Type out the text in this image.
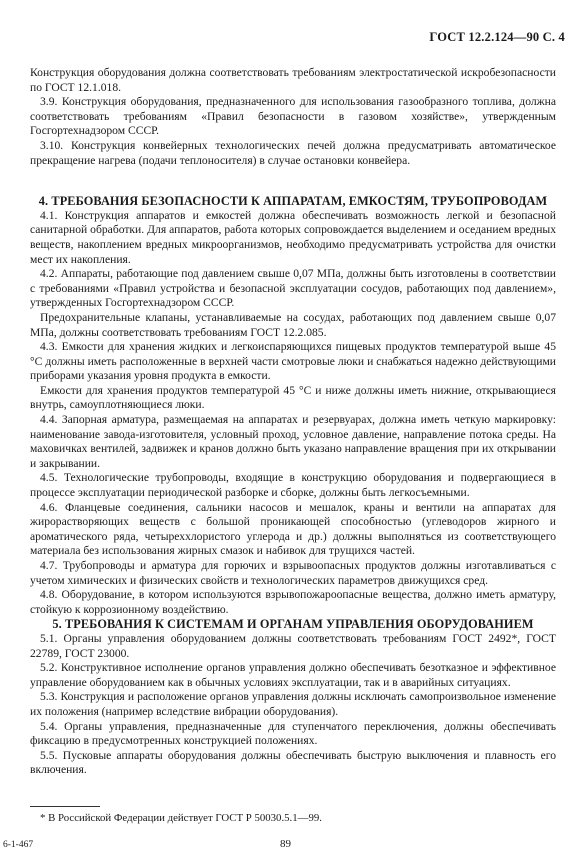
ГОСТ 12.2.124—90 С. 4

Конструкция оборудования должна соответствовать требованиям электростатической искробезопасности по ГОСТ 12.1.018.

3.9. Конструкция оборудования, предназначенного для использования газообразного топлива, должна соответствовать требованиям «Правил безопасности в газовом хозяйстве», утвержденным Госгортехнадзором СССР.

3.10. Конструкция конвейерных технологических печей должна предусматривать автоматическое прекращение нагрева (подачи теплоносителя) в случае остановки конвейера.

4. ТРЕБОВАНИЯ БЕЗОПАСНОСТИ К АППАРАТАМ, ЕМКОСТЯМ, ТРУБОПРОВОДАМ

4.1. Конструкция аппаратов и емкостей должна обеспечивать возможность легкой и безопасной санитарной обработки. Для аппаратов, работа которых сопровождается выделением и оседанием вредных веществ, накоплением вредных микроорганизмов, необходимо предусматривать устройства для очистки мест их накопления.

4.2. Аппараты, работающие под давлением свыше 0,07 МПа, должны быть изготовлены в соответствии с требованиями «Правил устройства и безопасной эксплуатации сосудов, работающих под давлением», утвержденных Госгортехнадзором СССР.

Предохранительные клапаны, устанавливаемые на сосудах, работающих под давлением свыше 0,07 МПа, должны соответствовать требованиям ГОСТ 12.2.085.

4.3. Емкости для хранения жидких и легкоиспаряющихся пищевых продуктов температурой выше 45 °С должны иметь расположенные в верхней части смотровые люки и снабжаться надежно действующими приборами указания уровня продукта в емкости.

Емкости для хранения продуктов температурой 45 °С и ниже должны иметь нижние, открывающиеся внутрь, самоуплотняющиеся люки.

4.4. Запорная арматура, размещаемая на аппаратах и резервуарах, должна иметь четкую маркировку: наименование завода-изготовителя, условный проход, условное давление, направление потока среды. На маховичках вентилей, задвижек и кранов должно быть указано направление вращения при их открывании и закрывании.

4.5. Технологические трубопроводы, входящие в конструкцию оборудования и подвергающиеся в процессе эксплуатации периодической разборке и сборке, должны быть легкосъемными.

4.6. Фланцевые соединения, сальники насосов и мешалок, краны и вентили на аппаратах для жирорастворяющих веществ с большой проникающей способностью (углеводоров жирного и ароматического ряда, четыреххлористого углерода и др.) должны выполняться из соответствующего материала без использования жирных смазок и набивок для трущихся частей.

4.7. Трубопроводы и арматура для горючих и взрывоопасных продуктов должны изготавливаться с учетом химических и физических свойств и технологических параметров движущихся сред.

4.8. Оборудование, в котором используются взрывопожароопасные вещества, должно иметь арматуру, стойкую к коррозионному воздействию.

5. ТРЕБОВАНИЯ К СИСТЕМАМ И ОРГАНАМ УПРАВЛЕНИЯ ОБОРУДОВАНИЕМ

5.1. Органы управления оборудованием должны соответствовать требованиям ГОСТ 2492*, ГОСТ 22789, ГОСТ 23000.

5.2. Конструктивное исполнение органов управления должно обеспечивать безотказное и эффективное управление оборудованием как в обычных условиях эксплуатации, так и в аварийных ситуациях.

5.3. Конструкция и расположение органов управления должны исключать самопроизвольное изменение их положения (например вследствие вибрации оборудования).

5.4. Органы управления, предназначенные для ступенчатого переключения, должны обеспечивать фиксацию в предусмотренных конструкцией положениях.

5.5. Пусковые аппараты оборудования должны обеспечивать быструю выключения и плавность его включения.

* В Российской Федерации действует ГОСТ Р 50030.5.1—99.
6-1-467	89
